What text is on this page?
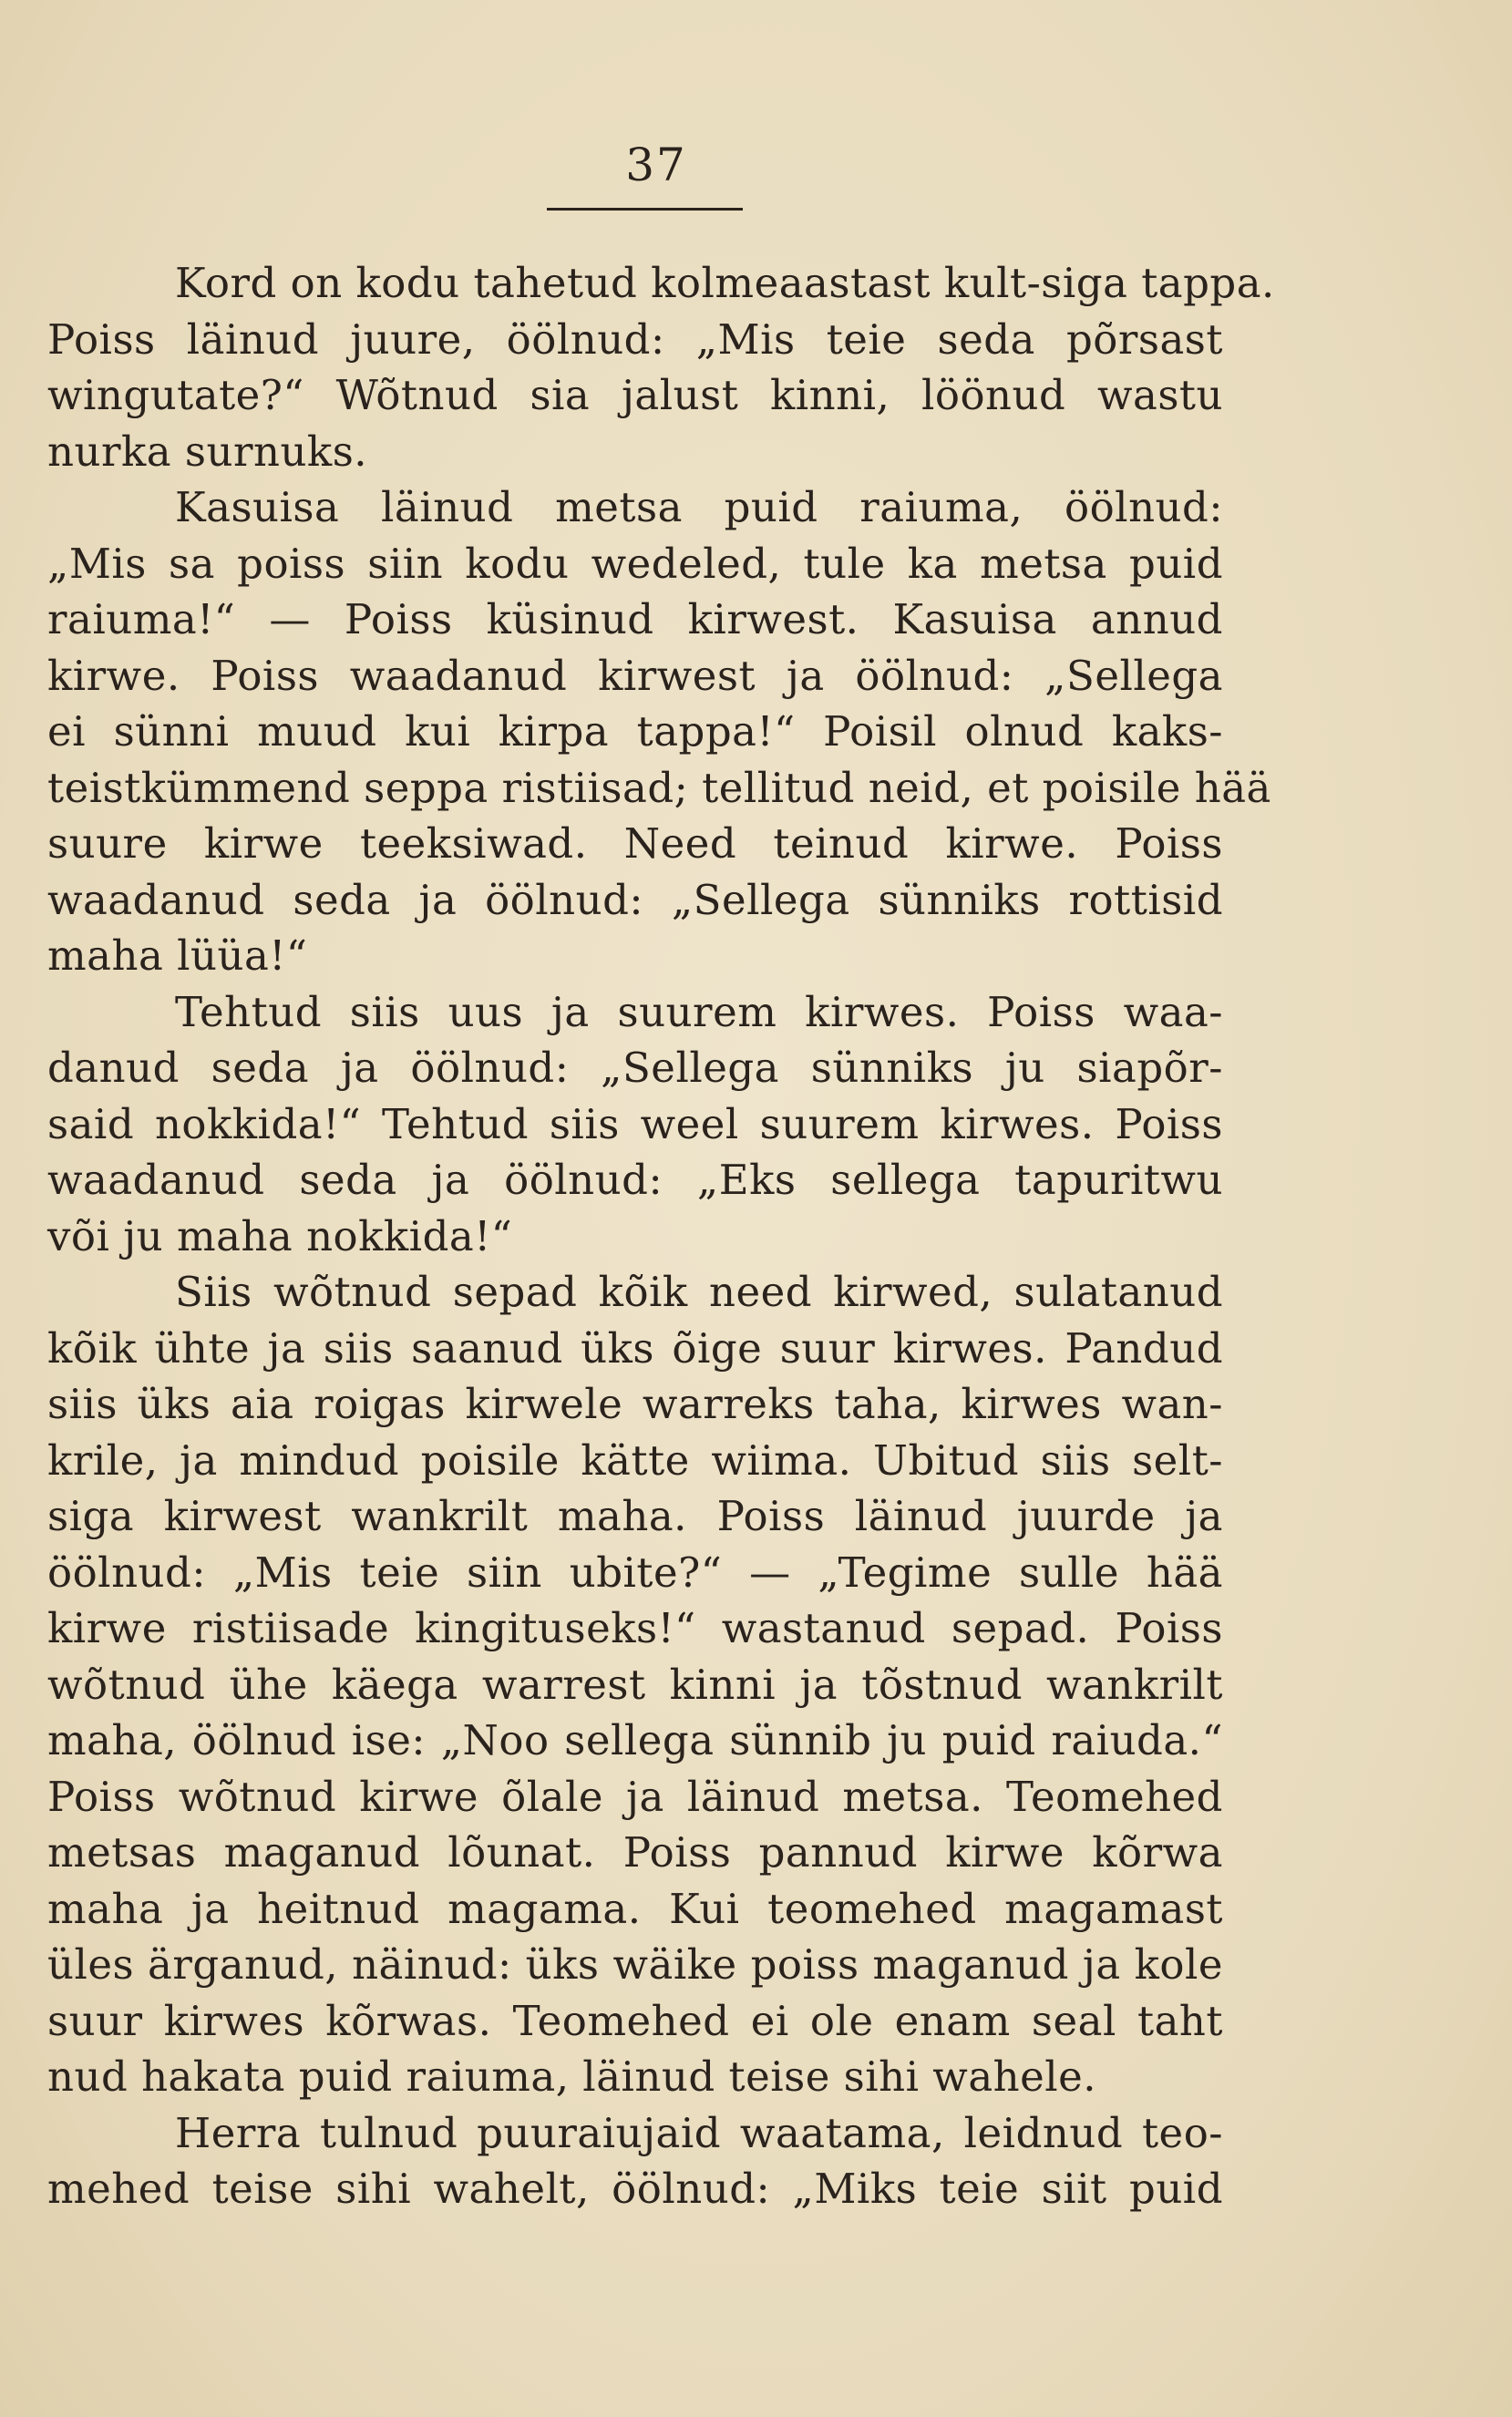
37
Kord on kodu tahetud kolmeaastast kult-siga tappa.
Poiss läinud juure, öölnud: „Mis teie seda põrsast
wingutate?“ Wõtnud sia jalust kinni, löönud wastu
nurka surnuks.
Kasuisa läinud metsa puid raiuma, öölnud:
„Mis sa poiss siin kodu wedeled, tule ka metsa puid
raiuma!“ — Poiss küsinud kirwest. Kasuisa annud
kirwe. Poiss waadanud kirwest ja öölnud: „Sellega
ei sünni muud kui kirpa tappa!“ Poisil olnud kaks-
teistkümmend seppa ristiisad; tellitud neid, et poisile hää
suure kirwe teeksiwad. Need teinud kirwe. Poiss
waadanud seda ja öölnud: „Sellega sünniks rottisid
maha lüüa!“
Tehtud siis uus ja suurem kirwes. Poiss waa-
danud seda ja öölnud: „Sellega sünniks ju siapõr-
said nokkida!“ Tehtud siis weel suurem kirwes. Poiss
waadanud seda ja öölnud: „Eks sellega tapuritwu
või ju maha nokkida!“
Siis wõtnud sepad kõik need kirwed, sulatanud
kõik ühte ja siis saanud üks õige suur kirwes. Pandud
siis üks aia roigas kirwele warreks taha, kirwes wan-
krile, ja mindud poisile kätte wiima. Ubitud siis selt-
siga kirwest wankrilt maha. Poiss läinud juurde ja
öölnud: „Mis teie siin ubite?“ — „Tegime sulle hää
kirwe ristiisade kingituseks!“ wastanud sepad. Poiss
wõtnud ühe käega warrest kinni ja tõstnud wankrilt
maha, öölnud ise: „Noo sellega sünnib ju puid raiuda.“
Poiss wõtnud kirwe õlale ja läinud metsa. Teomehed
metsas maganud lõunat. Poiss pannud kirwe kõrwa
maha ja heitnud magama. Kui teomehed magamast
üles ärganud, näinud: üks wäike poiss maganud ja kole
suur kirwes kõrwas. Teomehed ei ole enam seal taht
nud hakata puid raiuma, läinud teise sihi wahele.
Herra tulnud puuraiujaid waatama, leidnud teo-
mehed teise sihi wahelt, öölnud: „Miks teie siit puid
